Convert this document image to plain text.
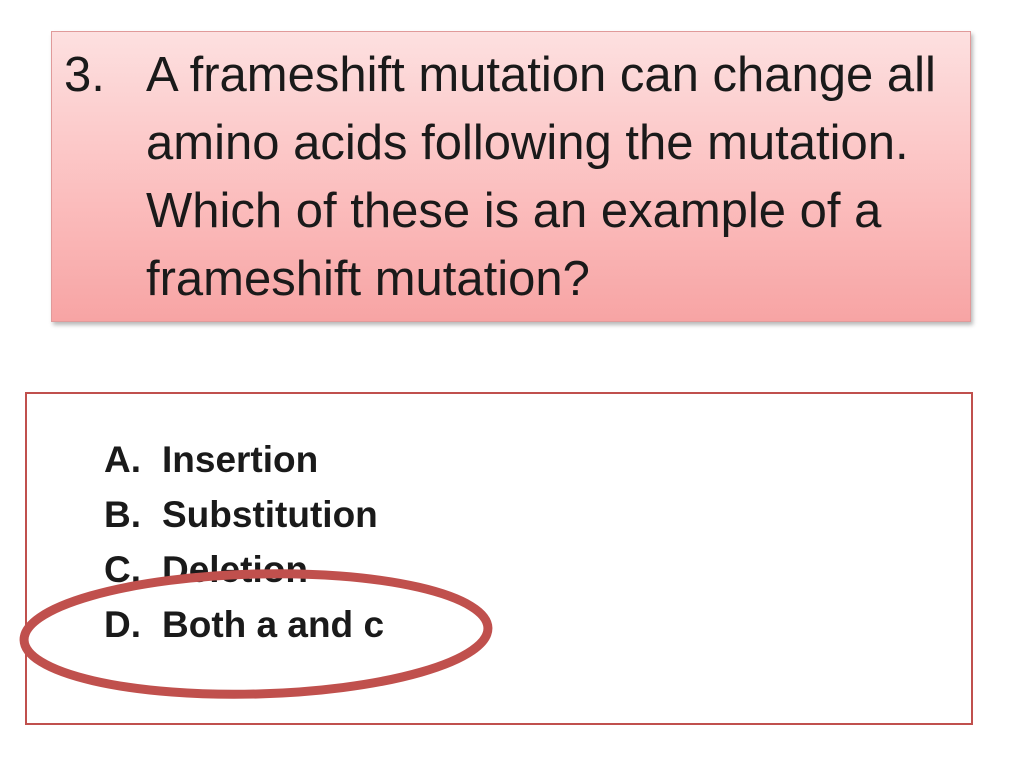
3. A frameshift mutation can change all amino acids following the mutation. Which of these is an example of a frameshift mutation?

A. Insertion
B. Substitution
C. Deletion
D. Both a and c
